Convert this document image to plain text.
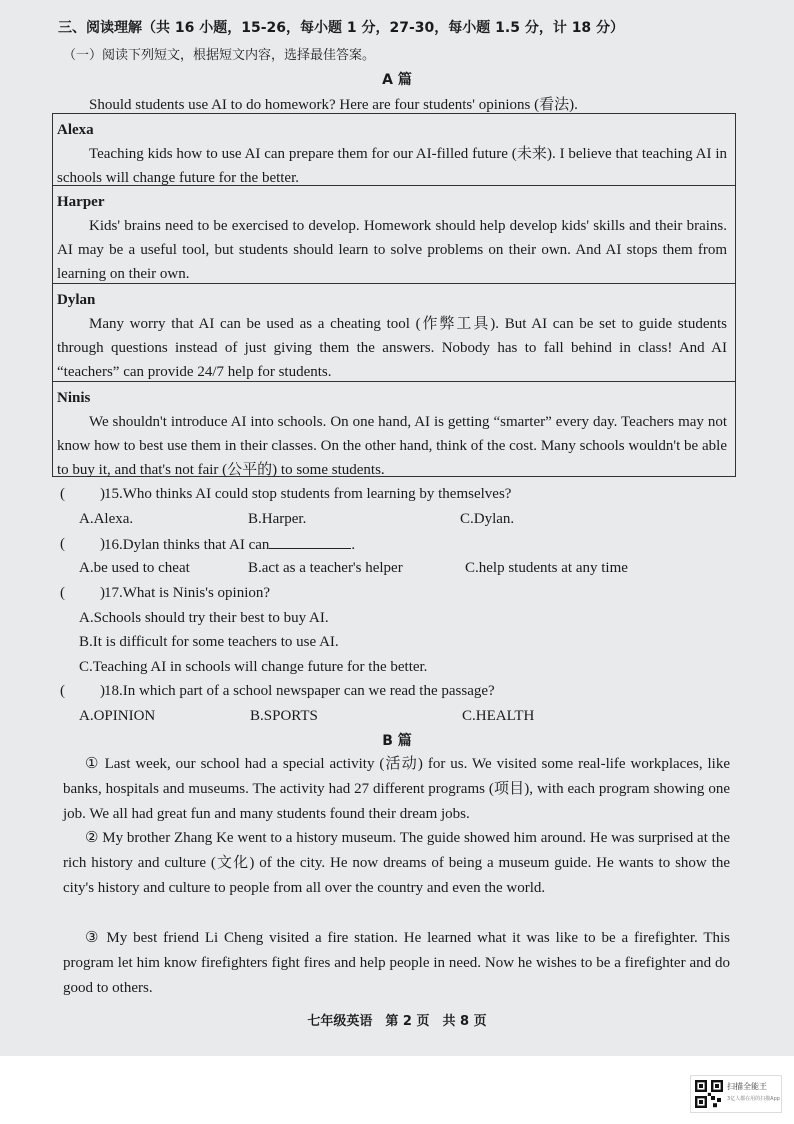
三、阅读理解（共 16 小题，15-26，每小题 1 分，27-30，每小题 1.5 分，计 18 分）
（一）阅读下列短文，根据短文内容，选择最佳答案。
A 篇
Should students use AI to do homework? Here are four students' opinions (看法).
Alexa
Teaching kids how to use AI can prepare them for our AI-filled future (未来). I believe that teaching AI in schools will change future for the better.
Harper
Kids' brains need to be exercised to develop. Homework should help develop kids' skills and their brains. AI may be a useful tool, but students should learn to solve problems on their own. And AI stops them from learning on their own.
Dylan
Many worry that AI can be used as a cheating tool (作弊工具). But AI can be set to guide students through questions instead of just giving them the answers. Nobody has to fall behind in class! And AI “teachers” can provide 24/7 help for students.
Ninis
We shouldn't introduce AI into schools. On one hand, AI is getting “smarter” every day. Teachers may not know how to best use them in their classes. On the other hand, think of the cost. Many schools wouldn't be able to buy it, and that's not fair (公平的) to some students.
( ) 15.Who thinks AI could stop students from learning by themselves?
A.Alexa.	B.Harper.	C.Dylan.
( ) 16.Dylan thinks that AI can	.
A.be used to cheat	B.act as a teacher's helper	C.help students at any time
( ) 17.What is Ninis's opinion?
A.Schools should try their best to buy AI.
B.It is difficult for some teachers to use AI.
C.Teaching AI in schools will change future for the better.
( ) 18.In which part of a school newspaper can we read the passage?
A.OPINION	B.SPORTS	C.HEALTH
B 篇
① Last week, our school had a special activity (活动) for us. We visited some real-life workplaces, like banks, hospitals and museums. The activity had 27 different programs (项目), with each program showing one job. We all had great fun and many students found their dream jobs.
② My brother Zhang Ke went to a history museum. The guide showed him around. He was surprised at the rich history and culture (文化) of the city. He now dreams of being a museum guide. He wants to show the city's history and culture to people from all over the country and even the world.
③ My best friend Li Cheng visited a fire station. He learned what it was like to be a firefighter. This program let him know firefighters fight fires and help people in need. Now he wishes to be a firefighter and do good to others.
七年级英语　第 2 页　共 8 页
扫描全能王
3亿人都在用的扫描App
